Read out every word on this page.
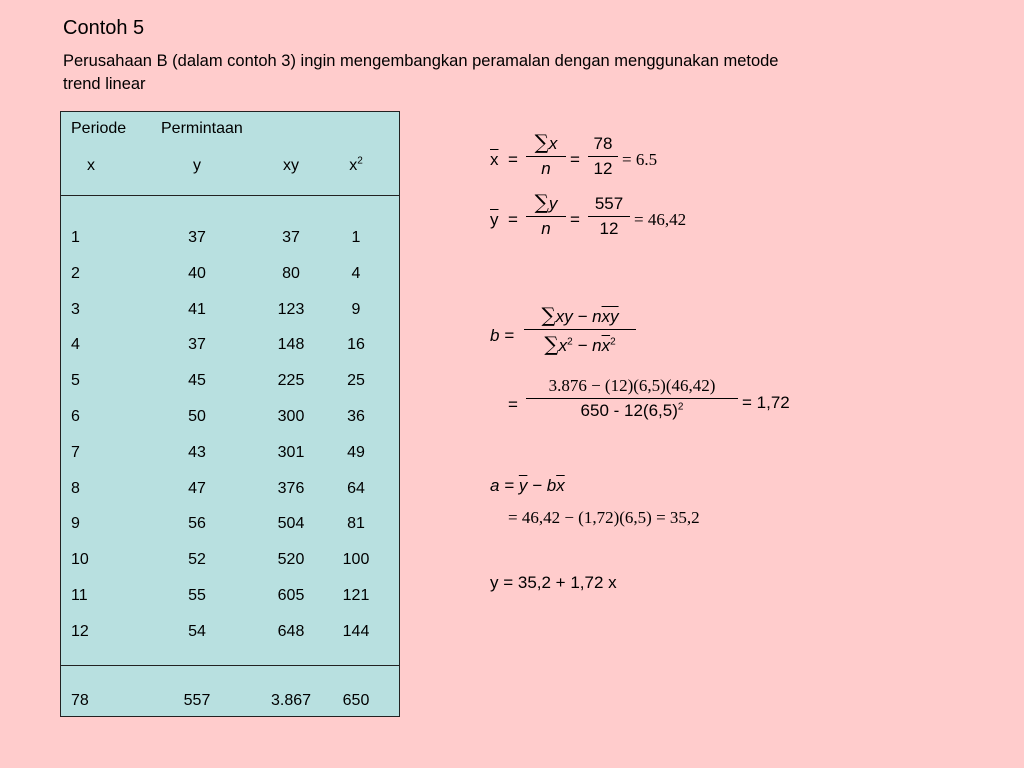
Contoh 5
Perusahaan B (dalam contoh 3) ingin mengembangkan peramalan dengan menggunakan metode trend linear
Periode Permintaan
x	y	xy	$x^2$
1	37	37	1
2	40	80	4
3	41	123	9
4	37	148	16
5	45	225	25
6	50	300	36
7	43	301	49
8	47	376	64
9	56	504	81
10	52	520	100
11	55	605	121
12	54	648	144
78	557	3.867	650
$\overline{x}$ =
∑x
n	=
78
12 = 6.5
$\overline{y}$ =
∑y
n	=
557
12 = 46,42
b =
$\sum xy - n\overline{xy}$
$\sum x^2 - n\overline{x}^2$
=
3.876 − (12)(6,5)(46,42)
$650 - 12(6,5)^2$	= 1,72
$a = \overline{y} - b\overline{x}$
= 46,42 − (1,72)(6,5) = 35,2
y = 35,2 + 1,72 x
